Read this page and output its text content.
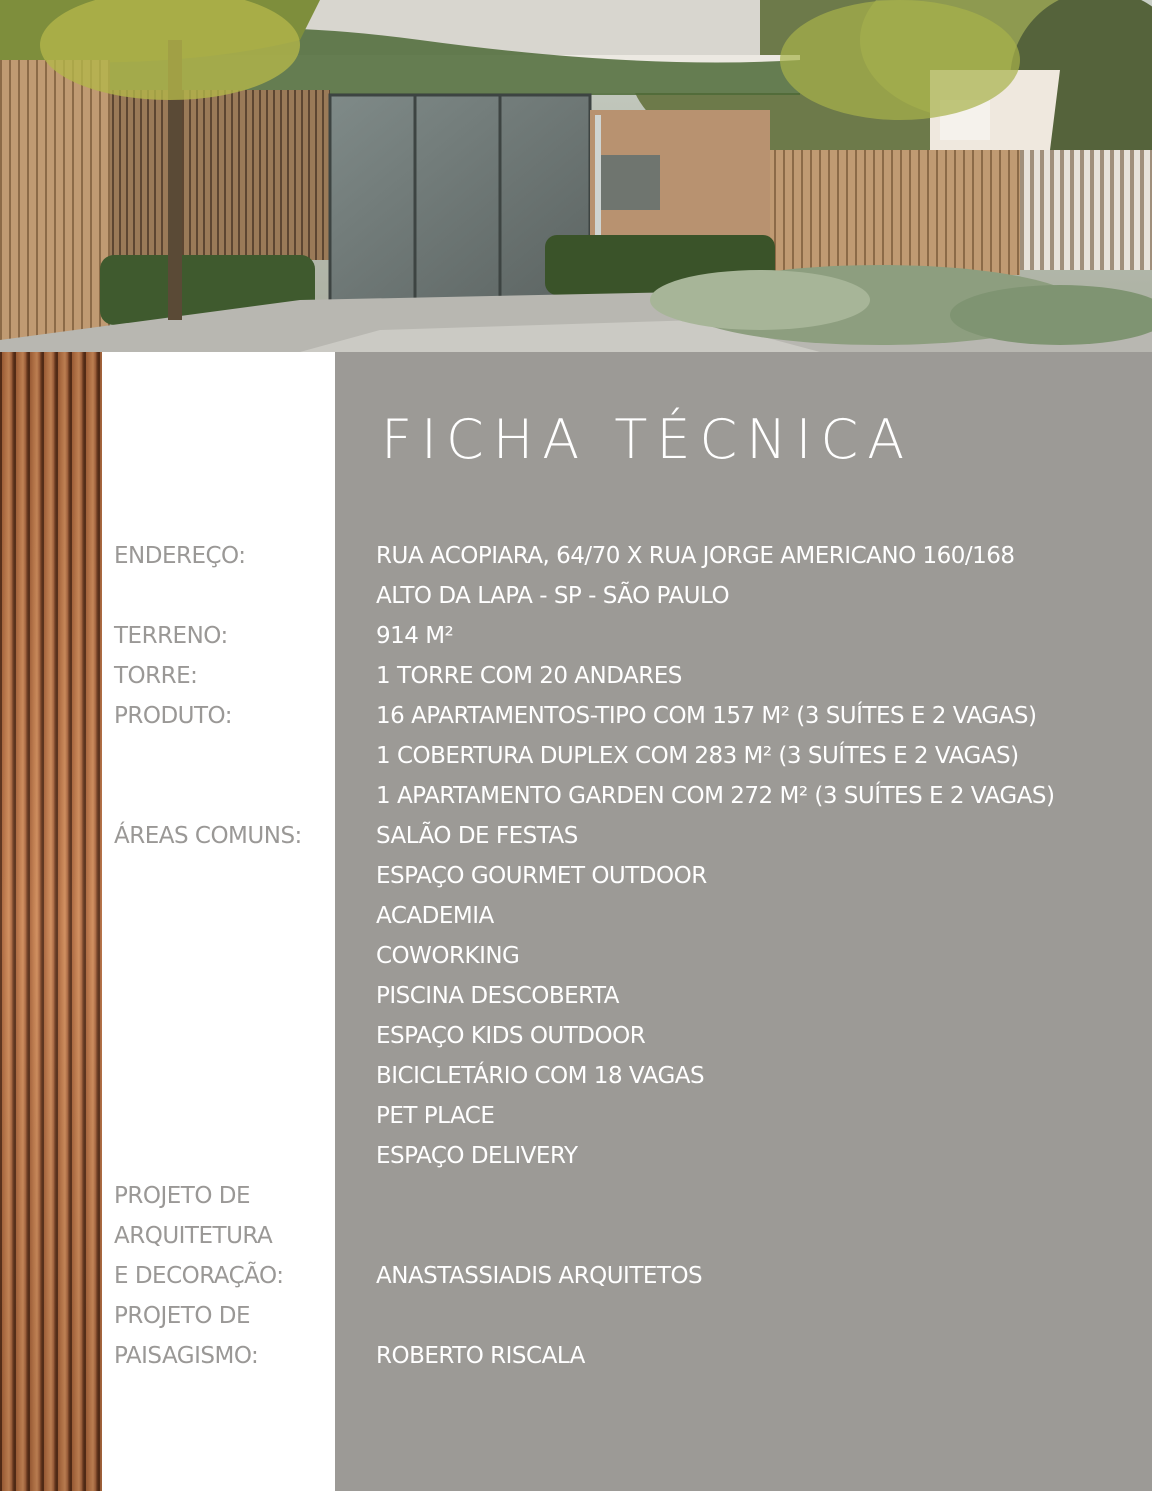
FICHA TÉCNICA
ENDEREÇO:
TERRENO:
TORRE:
PRODUTO:
ÁREAS COMUNS:
PROJETO DE
ARQUITETURA
E DECORAÇÃO:
PROJETO DE
PAISAGISMO:
RUA ACOPIARA, 64/70 X RUA JORGE AMERICANO 160/168
ALTO DA LAPA - SP - SÃO PAULO
914 M²
1 TORRE COM 20 ANDARES
16 APARTAMENTOS-TIPO COM 157 M² (3 SUÍTES E 2 VAGAS)
1 COBERTURA DUPLEX COM 283 M² (3 SUÍTES E 2 VAGAS)
1 APARTAMENTO GARDEN COM 272 M² (3 SUÍTES E 2 VAGAS)
SALÃO DE FESTAS
ESPAÇO GOURMET OUTDOOR
ACADEMIA
COWORKING
PISCINA DESCOBERTA
ESPAÇO KIDS OUTDOOR
BICICLETÁRIO COM 18 VAGAS
PET PLACE
ESPAÇO DELIVERY
ANASTASSIADIS ARQUITETOS
ROBERTO RISCALA
